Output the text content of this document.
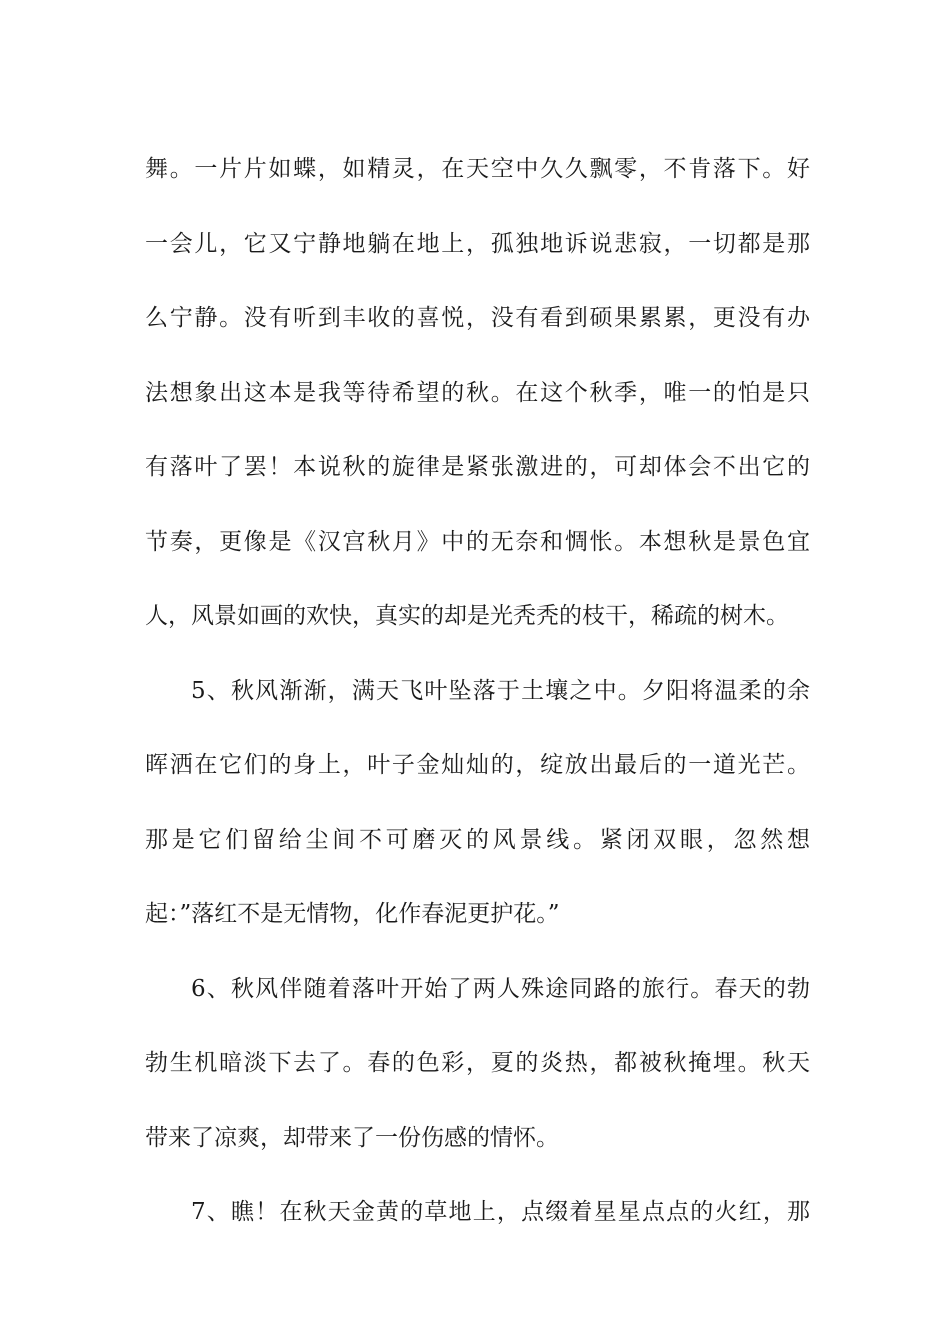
舞。一片片如蝶，如精灵，在天空中久久飘零，不肯落下。好
一会儿，它又宁静地躺在地上，孤独地诉说悲寂，一切都是那
么宁静。没有听到丰收的喜悦，没有看到硕果累累，更没有办
法想象出这本是我等待希望的秋。在这个秋季，唯一的怕是只
有落叶了罢！本说秋的旋律是紧张激进的，可却体会不出它的
节奏，更像是《汉宫秋月》中的无奈和惆怅。本想秋是景色宜
人，风景如画的欢快，真实的却是光秃秃的枝干，稀疏的树木。
5、秋风渐渐，满天飞叶坠落于土壤之中。夕阳将温柔的余
晖洒在它们的身上，叶子金灿灿的，绽放出最后的一道光芒。
那是它们留给尘间不可磨灭的风景线。紧闭双眼，忽然想
起：”落红不是无情物，化作春泥更护花。”
6、秋风伴随着落叶开始了两人殊途同路的旅行。春天的勃
勃生机暗淡下去了。春的色彩，夏的炎热，都被秋掩埋。秋天
带来了凉爽，却带来了一份伤感的情怀。
7、瞧！在秋天金黄的草地上，点缀着星星点点的火红，那
